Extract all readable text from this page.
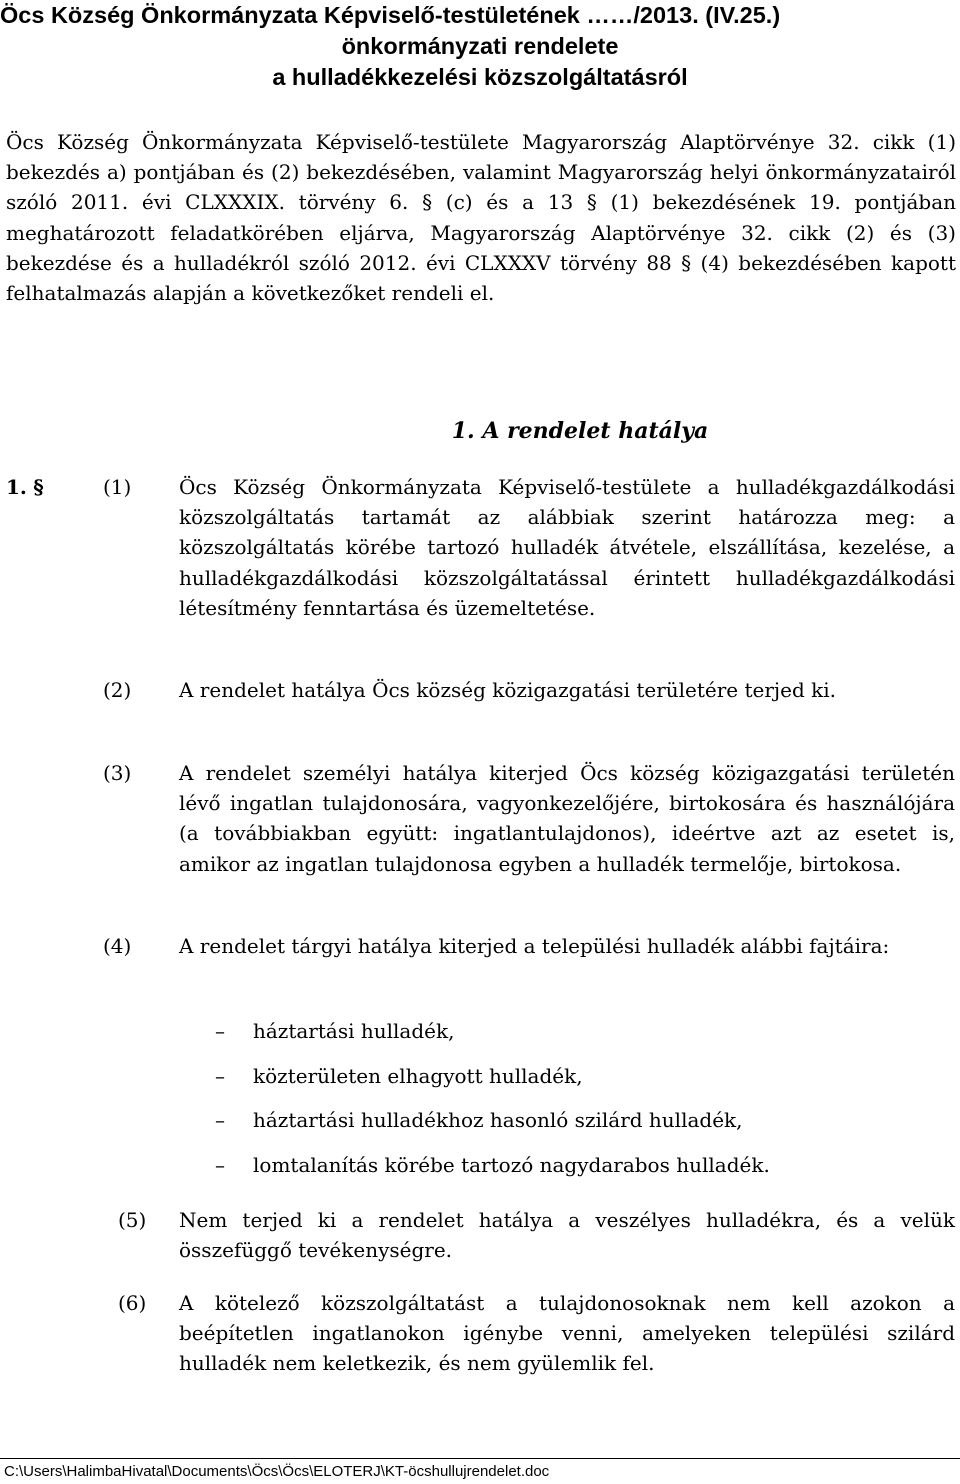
Öcs Község Önkormányzata Képviselő-testületének ……/2013. (IV.25.)
önkormányzati rendelete
a hulladékkezelési közszolgáltatásról
Öcs Község Önkormányzata Képviselő-testülete Magyarország Alaptörvénye 32. cikk (1) bekezdés a) pontjában és (2) bekezdésében, valamint Magyarország helyi önkormányzatairól szóló 2011. évi CLXXXIX. törvény 6. § (c) és a 13 § (1) bekezdésének 19. pontjában meghatározott feladatkörében eljárva, Magyarország Alaptörvénye 32. cikk (2) és (3) bekezdése és a hulladékról szóló 2012. évi CLXXXV törvény 88 § (4) bekezdésében kapott felhatalmazás alapján a következőket rendeli el.
1. A rendelet hatálya
1. §	(1) Öcs Község Önkormányzata Képviselő-testülete a hulladékgazdálkodási közszolgáltatás tartamát az alábbiak szerint határozza meg: a közszolgáltatás körébe tartozó hulladék átvétele, elszállítása, kezelése, a hulladékgazdálkodási közszolgáltatással érintett hulladékgazdálkodási létesítmény fenntartása és üzemeltetése.
(2) A rendelet hatálya Öcs község közigazgatási területére terjed ki.
(3) A rendelet személyi hatálya kiterjed Öcs község közigazgatási területén lévő ingatlan tulajdonosára, vagyonkezelőjére, birtokosára és használójára (a továbbiakban együtt: ingatlantulajdonos), ideértve azt az esetet is, amikor az ingatlan tulajdonosa egyben a hulladék termelője, birtokosa.
(4) A rendelet tárgyi hatálya kiterjed a települési hulladék alábbi fajtáira:
– háztartási hulladék,
– közterületen elhagyott hulladék,
– háztartási hulladékhoz hasonló szilárd hulladék,
– lomtalanítás körébe tartozó nagydarabos hulladék.
(5) Nem terjed ki a rendelet hatálya a veszélyes hulladékra, és a velük összefüggő tevékenységre.
(6) A kötelező közszolgáltatást a tulajdonosoknak nem kell azokon a beépítetlen ingatlanokon igénybe venni, amelyeken települési szilárd hulladék nem keletkezik, és nem gyülemlik fel.
C:\Users\HalimbaHivatal\Documents\Öcs\Öcs\ELOTERJ\KT-öcshullujrendelet.doc
